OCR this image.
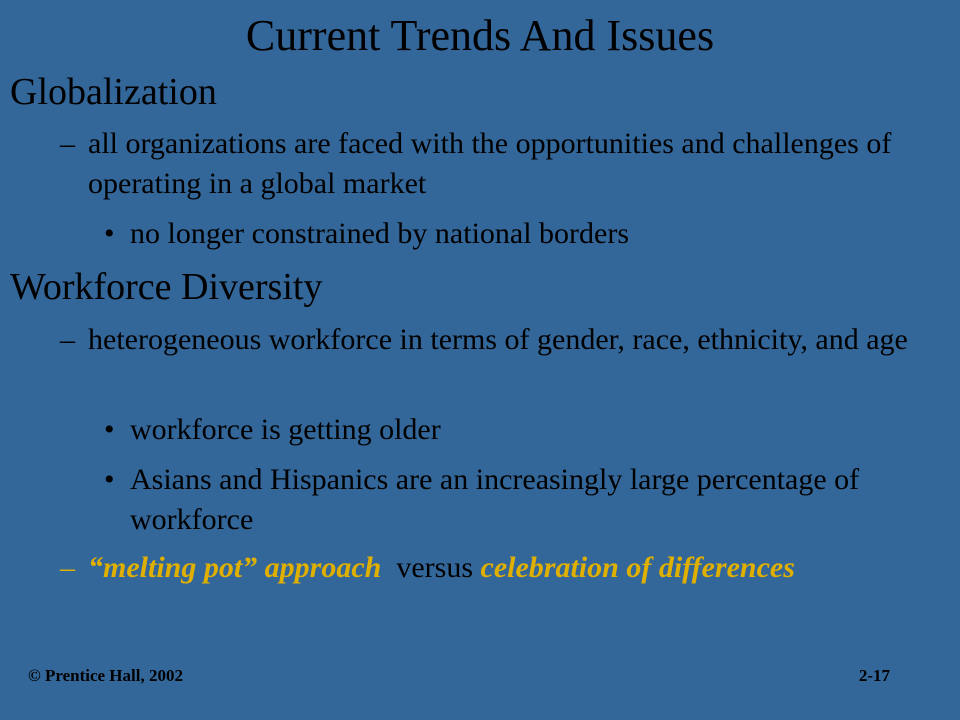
Current Trends And Issues
Globalization
– all organizations are faced with the opportunities and challenges of operating in a global market
• no longer constrained by national borders
Workforce Diversity
– heterogeneous workforce in terms of gender, race, ethnicity, and age
• workforce is getting older
• Asians and Hispanics are an increasingly large percentage of workforce
– “melting pot” approach versus celebration of differences
© Prentice Hall, 2002	2-17
